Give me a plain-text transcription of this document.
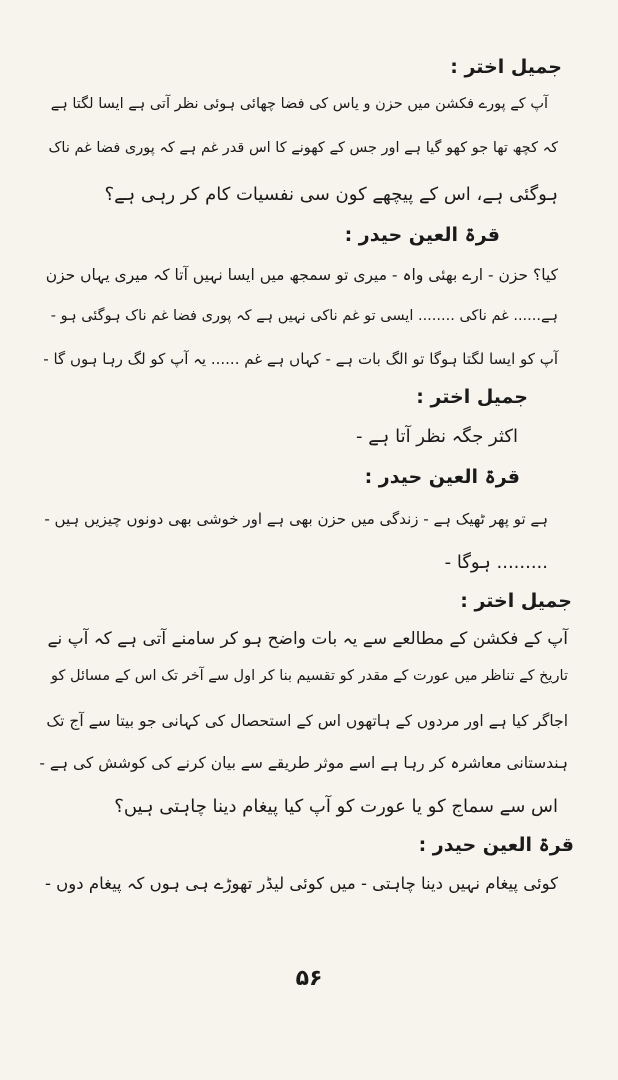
جمیل اختر :
آپ کے پورے فکشن میں حزن و یاس کی فضا چھائی ہوئی نظر آتی ہے ایسا لگتا ہے
کہ کچھ تھا جو کھو گیا ہے اور جس کے کھونے کا اس قدر غم ہے کہ پوری فضا غم ناک
ہوگئی ہے، اس کے پیچھے کون سی نفسیات کام کر رہی ہے؟
قرۃ العین حیدر :
کیا؟ حزن - ارے بھئی واہ - میری تو سمجھ میں ایسا نہیں آتا کہ میری یہاں حزن
ہے...... غم ناکی ........ ایسی تو غم ناکی نہیں ہے کہ پوری فضا غم ناک ہوگئی ہو -
آپ کو ایسا لگتا ہوگا تو الگ بات ہے - کہاں ہے غم ...... یہ آپ کو لگ رہا ہوں گا -
جمیل اختر :
اکثر جگہ نظر آتا ہے -
قرۃ العین حیدر :
ہے تو پھر ٹھیک ہے - زندگی میں حزن بھی ہے اور خوشی بھی دونوں چیزیں ہیں -
......... ہوگا -
جمیل اختر :
آپ کے فکشن کے مطالعے سے یہ بات واضح ہو کر سامنے آتی ہے کہ آپ نے
تاریخ کے تناظر میں عورت کے مقدر کو تقسیم بنا کر اول سے آخر تک اس کے مسائل کو
اجاگر کیا ہے اور مردوں کے ہاتھوں اس کے استحصال کی کہانی جو بیتا سے آج تک
ہندستانی معاشرہ کر رہا ہے اسے موثر طریقے سے بیان کرنے کی کوشش کی ہے -
اس سے سماج کو یا عورت کو آپ کیا پیغام دینا چاہتی ہیں؟
قرۃ العین حیدر :
کوئی پیغام نہیں دینا چاہتی - میں کوئی لیڈر تھوڑے ہی ہوں کہ پیغام دوں -
۵۶
